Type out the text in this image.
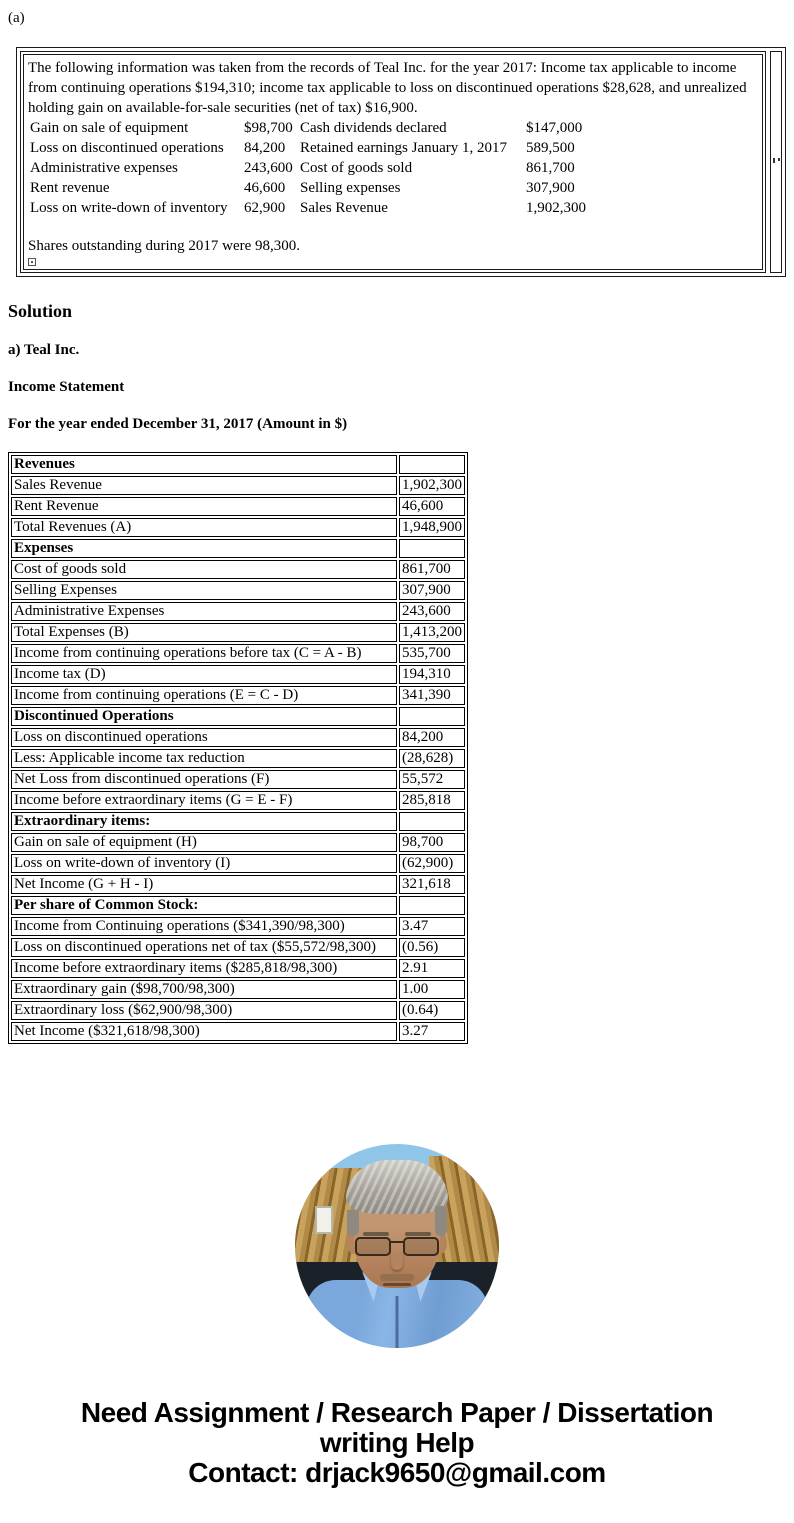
(a)

The following information was taken from the records of Teal Inc. for the year 2017: Income tax applicable to income from continuing operations $194,310; income tax applicable to loss on discontinued operations $28,628, and unrealized holding gain on available-for-sale securities (net of tax) $16,900.

Gain on sale of equipment	$98,700 Cash dividends declared	$147,000
Loss on discontinued operations	84,200 Retained earnings January 1, 2017	589,500
Administrative expenses	243,600 Cost of goods sold	861,700
Rent revenue	46,600 Selling expenses	307,900
Loss on write-down of inventory	62,900 Sales Revenue	1,902,300

Shares outstanding during 2017 were 98,300.

Solution
a) Teal Inc.
Income Statement
For the year ended December 31, 2017 (Amount in $)
Revenues	
Sales Revenue	1,902,300
Rent Revenue	46,600
Total Revenues (A)	1,948,900
Expenses	
Cost of goods sold	861,700
Selling Expenses	307,900
Administrative Expenses	243,600
Total Expenses (B)	1,413,200
Income from continuing operations before tax (C = A - B)	535,700
Income tax (D)	194,310
Income from continuing operations (E = C - D)	341,390
Discontinued Operations	
Loss on discontinued operations	84,200
Less: Applicable income tax reduction	(28,628)
Net Loss from discontinued operations (F)	55,572
Income before extraordinary items (G = E - F)	285,818
Extraordinary items:	
Gain on sale of equipment (H)	98,700
Loss on write-down of inventory (I)	(62,900)
Net Income (G + H - I)	321,618
Per share of Common Stock:	
Income from Continuing operations ($341,390/98,300)	3.47
Loss on discontinued operations net of tax ($55,572/98,300)	(0.56)
Income before extraordinary items ($285,818/98,300)	2.91
Extraordinary gain ($98,700/98,300)	1.00
Extraordinary loss ($62,900/98,300)	(0.64)
Net Income ($321,618/98,300)	3.27
Need Assignment / Research Paper / Dissertation
writing Help
Contact: drjack9650@gmail.com
